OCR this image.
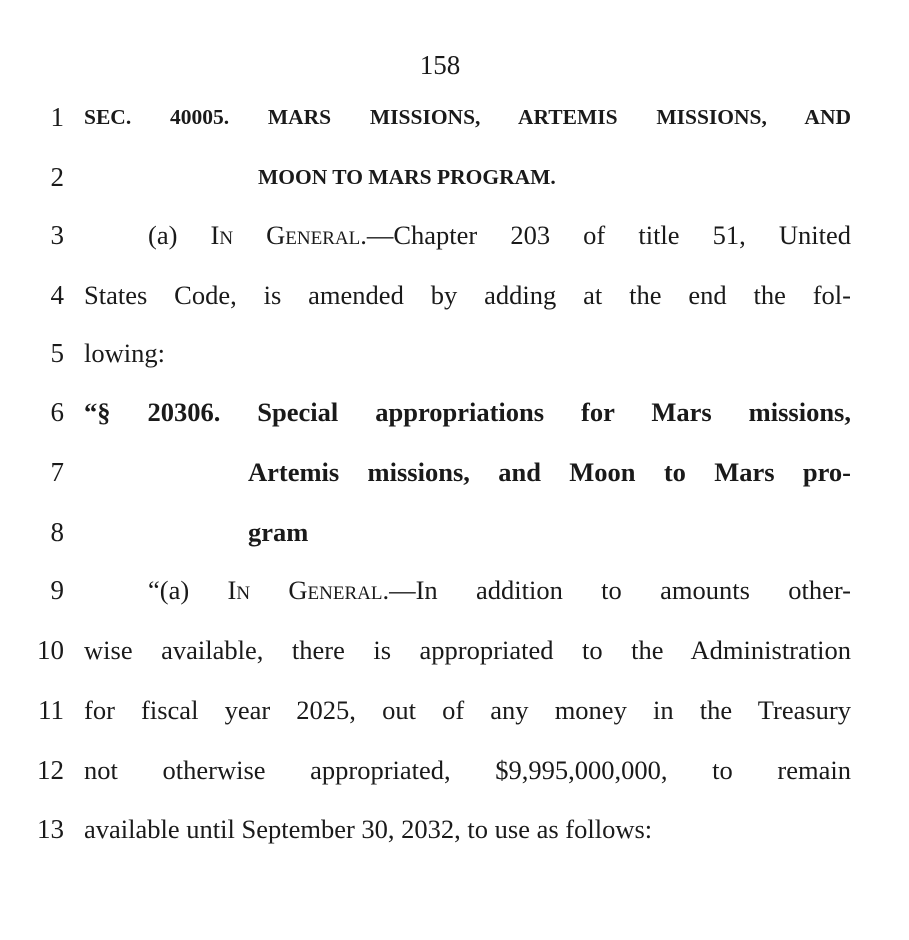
158
1 SEC. 40005. MARS MISSIONS, ARTEMIS MISSIONS, AND
2	MOON TO MARS PROGRAM.
3	(a) In General.—Chapter 203 of title 51, United
4 States Code, is amended by adding at the end the fol-
5 lowing:
6 “§ 20306. Special appropriations for Mars missions,
7	Artemis missions, and Moon to Mars pro-
8	gram
9	“(a) In General.—In addition to amounts other-
10 wise available, there is appropriated to the Administration
11 for fiscal year 2025, out of any money in the Treasury
12 not otherwise appropriated, $9,995,000,000, to remain
13 available until September 30, 2032, to use as follows:
